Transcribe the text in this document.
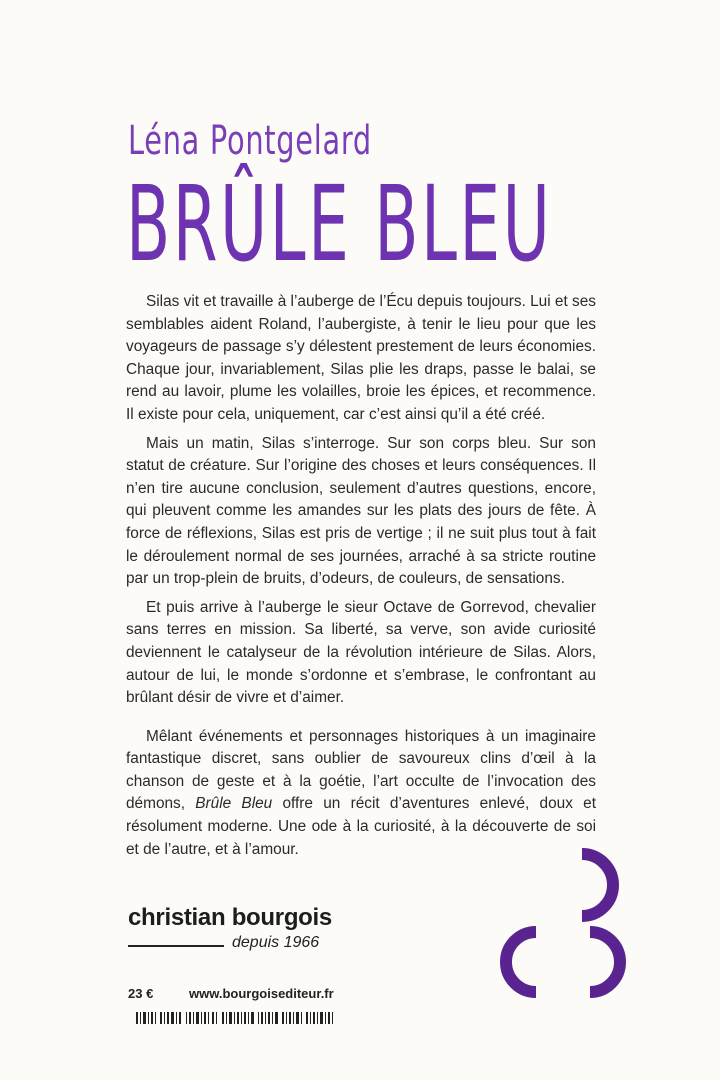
Léna Pontgelard
BRÛLE BLEU

Silas vit et travaille à l’auberge de l’Écu depuis toujours. Lui et ses semblables aident Roland, l’aubergiste, à tenir le lieu pour que les voyageurs de passage s’y délestent prestement de leurs économies. Chaque jour, invariablement, Silas plie les draps, passe le balai, se rend au lavoir, plume les volailles, broie les épices, et recommence. Il existe pour cela, uniquement, car c’est ainsi qu’il a été créé.

Mais un matin, Silas s’interroge. Sur son corps bleu. Sur son statut de créature. Sur l’origine des choses et leurs conséquences. Il n’en tire aucune conclusion, seulement d’autres questions, encore, qui pleuvent comme les amandes sur les plats des jours de fête. À force de réflexions, Silas est pris de vertige ; il ne suit plus tout à fait le déroulement normal de ses journées, arraché à sa stricte routine par un trop-plein de bruits, d’odeurs, de couleurs, de sensations.

Et puis arrive à l’auberge le sieur Octave de Gorrevod, chevalier sans terres en mission. Sa liberté, sa verve, son avide curiosité deviennent le catalyseur de la révolution intérieure de Silas. Alors, autour de lui, le monde s’ordonne et s’embrase, le confrontant au brûlant désir de vivre et d’aimer.

Mêlant événements et personnages historiques à un imaginaire fantastique discret, sans oublier de savoureux clins d’œil à la chanson de geste et à la goétie, l’art occulte de l’invocation des démons, Brûle Bleu offre un récit d’aventures enlevé, doux et résolument moderne. Une ode à la curiosité, à la découverte de soi et de l’autre, et à l’amour.

christian bourgois
depuis 1966
23 €	www.bourgoisediteur.fr
